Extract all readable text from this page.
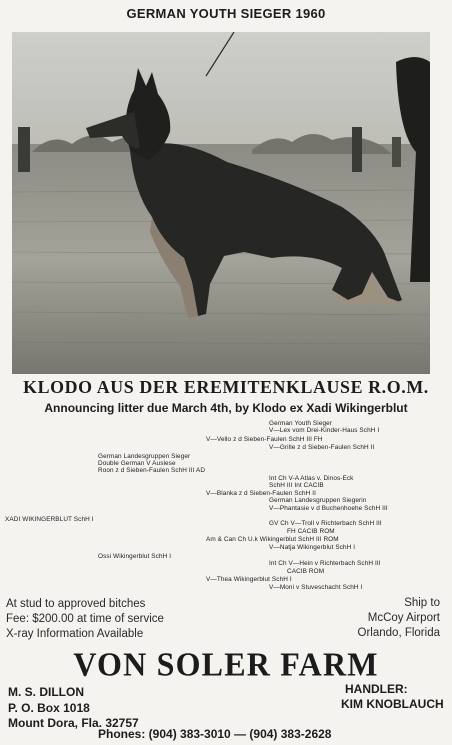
GERMAN YOUTH SIEGER 1960
KLODO AUS DER EREMITENKLAUSE R.O.M.
Announcing litter due March 4th, by Klodo ex Xadi Wikingerblut
German Youth Sieger
V—Lex vom Drei-Kinder-Haus SchH I
V—Vello z d Sieben-Faulen SchH III FH
V—Grille z d Sieben-Faulen SchH II
German Landesgruppen Sieger
Double German V Auslese
Roon z d Sieben-Faulen SchH III AD
Int Ch V-A Atlas v. Dinos-Eck
SchH III Int CACIB
V—Blanka z d Sieben-Faulen SchH II
German Landesgruppen Siegerin
V—Phantasie v d Buchenhoehe SchH III
XADI WIKINGERBLUT SchH I
GV Ch V—Troll v Richterbach SchH III
FH CACIB ROM
Am & Can Ch U.k Wikingerblut SchH III ROM
V—Natja Wikingerblut SchH I
Ossi Wikingerblut SchH I
Int Ch V—Hein v Richterbach SchH III
CACIB ROM
V—Thea Wikingerblut SchH I
V—Moni v Stuveschacht SchH I
At stud to approved bitches
Fee: $200.00 at time of service
X-ray Information Available
Ship to
McCoy Airport
Orlando, Florida
VON SOLER FARM
M. S. DILLON
P. O. Box 1018
Mount Dora, Fla. 32757
Phones: (904) 383-3010 — (904) 383-2628
HANDLER:
KIM KNOBLAUCH
